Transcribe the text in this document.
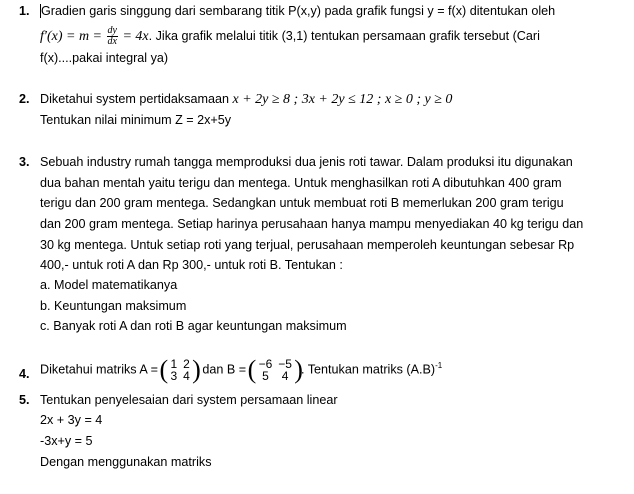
1. Gradien garis singgung dari sembarang titik P(x,y) pada grafik fungsi y = f(x) ditentukan oleh
$f'(x) = m = \frac{dy}{dx} = 4x$. Jika grafik melalui titik (3,1) tentukan persamaan grafik tersebut (Cari
f(x)....pakai integral ya)
2. Diketahui system pertidaksamaan x + 2y ≥ 8 ; 3x + 2y ≤ 12 ; x ≥ 0 ; y ≥ 0
Tentukan nilai minimum Z = 2x+5y
3. Sebuah industry rumah tangga memproduksi dua jenis roti tawar. Dalam produksi itu digunakan
dua bahan mentah yaitu terigu dan mentega. Untuk menghasilkan roti A dibutuhkan 400 gram
terigu dan 200 gram mentega. Sedangkan untuk membuat roti B memerlukan 200 gram terigu
dan 200 gram mentega. Setiap harinya perusahaan hanya mampu menyediakan 40 kg terigu dan
30 kg mentega. Untuk setiap roti yang terjual, perusahaan memperoleh keuntungan sebesar Rp
400,- untuk roti A dan Rp 300,- untuk roti B. Tentukan :
a. Model matematikanya
b. Keuntungan maksimum
c. Banyak roti A dan roti B agar keuntungan maksimum
4. Diketahui matriks A = ( 1	2
3	4 ) dan B = ( −6	−5
5	4 )
. Tentukan matriks $(A.B)^{-1}$
5. Tentukan penyelesaian dari system persamaan linear
2x + 3y = 4
-3x+y = 5
Dengan menggunakan matriks
